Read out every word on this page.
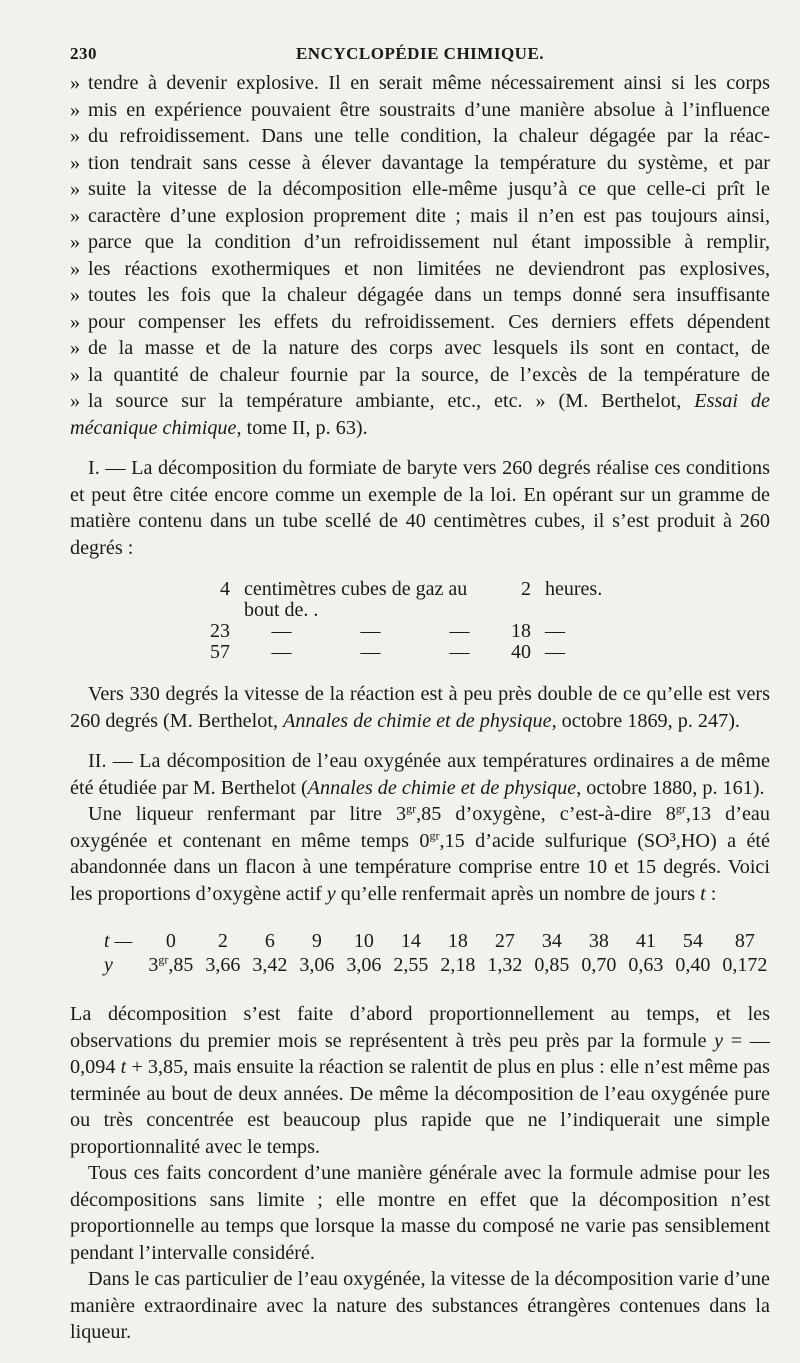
230	ENCYCLOPÉDIE CHIMIQUE.

» tendre à devenir explosive. Il en serait même nécessairement ainsi si les corps
» mis en expérience pouvaient être soustraits d’une manière absolue à l’influence
» du refroidissement. Dans une telle condition, la chaleur dégagée par la réac-
» tion tendrait sans cesse à élever davantage la température du système, et par
» suite la vitesse de la décomposition elle-même jusqu’à ce que celle-ci prît le
» caractère d’une explosion proprement dite ; mais il n’en est pas toujours ainsi,
» parce que la condition d’un refroidissement nul étant impossible à remplir,
» les réactions exothermiques et non limitées ne deviendront pas explosives,
» toutes les fois que la chaleur dégagée dans un temps donné sera insuffisante
» pour compenser les effets du refroidissement. Ces derniers effets dépendent
» de la masse et de la nature des corps avec lesquels ils sont en contact, de
» la quantité de chaleur fournie par la source, de l’excès de la température de
» la source sur la température ambiante, etc., etc. » (M. Berthelot, Essai de
mécanique chimique, tome II, p. 63).

I. — La décomposition du formiate de baryte vers 260 degrés réalise ces conditions et peut être citée encore comme un exemple de la loi. En opérant sur un gramme de matière contenu dans un tube scellé de 40 centimètres cubes, il s’est produit à 260 degrés :

4	centimètres cubes de gaz au bout de. .			2	heures.
23	—	—	—	18	—
57	—	—	—	40	—

Vers 330 degrés la vitesse de la réaction est à peu près double de ce qu’elle est vers 260 degrés (M. Berthelot, Annales de chimie et de physique, octobre 1869, p. 247).

II. — La décomposition de l’eau oxygénée aux températures ordinaires a de même été étudiée par M. Berthelot (Annales de chimie et de physique, octobre 1880, p. 161).

Une liqueur renfermant par litre $3^{gr},85$ d’oxygène, c’est-à-dire $8^{gr},13$ d’eau oxygénée et contenant en même temps $0^{gr},15$ d’acide sulfurique (SO³,HO) a été abandonnée dans un flacon à une température comprise entre 10 et 15 degrés. Voici les proportions d’oxygène actif y qu’elle renfermait après un nombre de jours t :

t —	0	2	6	9	10	14	18	27	34	38	41	54	87
y	$3^{gr},85$	3,66	3,42	3,06	3,06	2,55	2,18	1,32	0,85	0,70	0,63	0,40	0,172

La décomposition s’est faite d’abord proportionnellement au temps, et les observations du premier mois se représentent à très peu près par la formule y = — 0,094 t + 3,85, mais ensuite la réaction se ralentit de plus en plus : elle n’est même pas terminée au bout de deux années. De même la décomposition de l’eau oxygénée pure ou très concentrée est beaucoup plus rapide que ne l’indiquerait une simple proportionnalité avec le temps.

Tous ces faits concordent d’une manière générale avec la formule admise pour les décompositions sans limite ; elle montre en effet que la décomposition n’est proportionnelle au temps que lorsque la masse du composé ne varie pas sensiblement pendant l’intervalle considéré.

Dans le cas particulier de l’eau oxygénée, la vitesse de la décomposition varie d’une manière extraordinaire avec la nature des substances étrangères contenues dans la liqueur.
